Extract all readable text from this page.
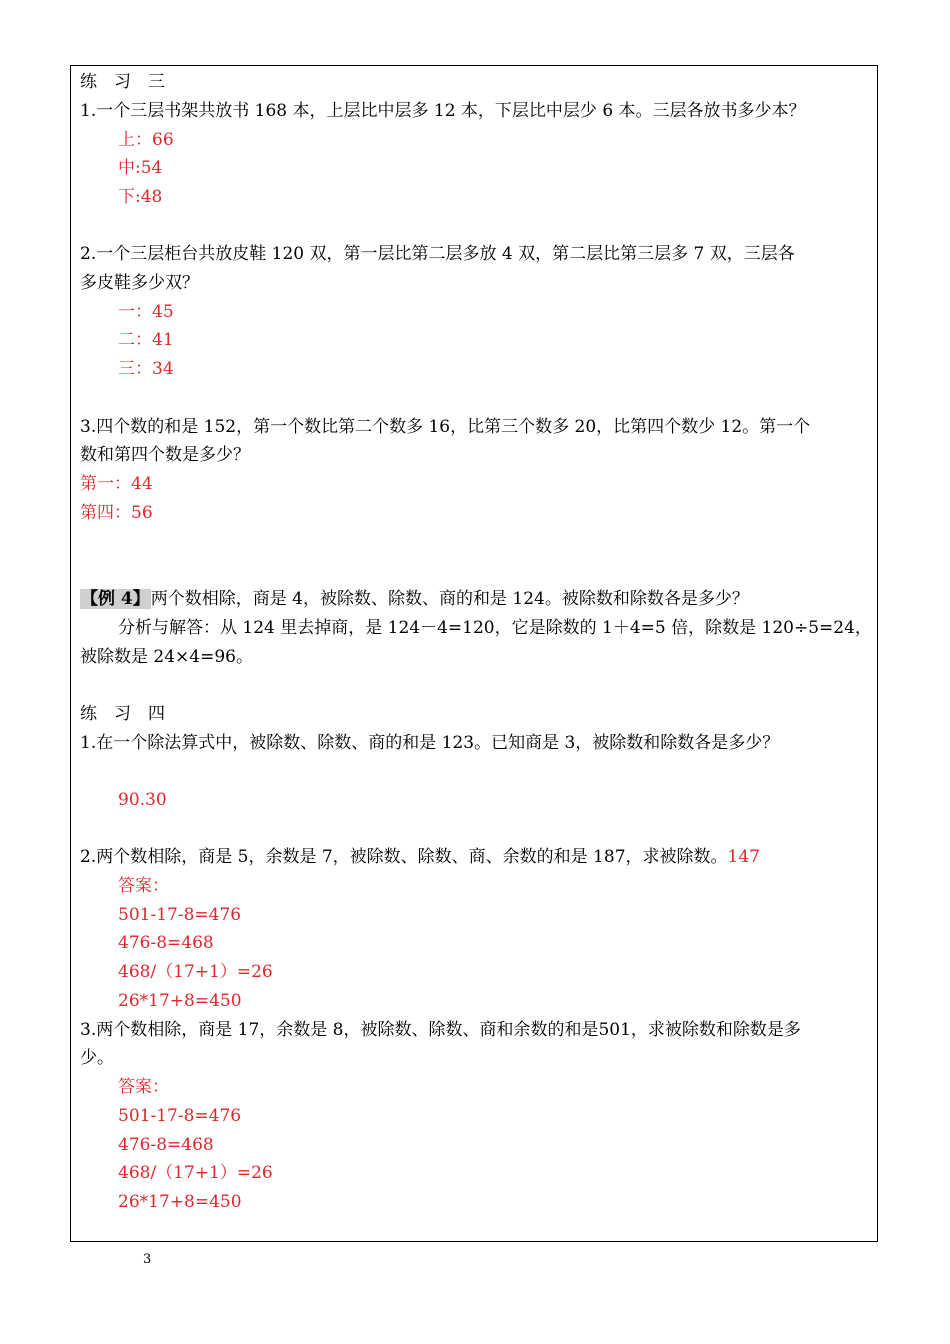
练　习　三
1.一个三层书架共放书 168 本，上层比中层多 12 本，下层比中层少 6 本。三层各放书多少本？
上：66
中:54
下:48
2.一个三层柜台共放皮鞋 120 双，第一层比第二层多放 4 双，第二层比第三层多 7 双，三层各
多皮鞋多少双？
一：45
二：41
三：34
3.四个数的和是 152，第一个数比第二个数多 16，比第三个数多 20，比第四个数少 12。第一个
数和第四个数是多少？
第一：44
第四：56
【例 4】两个数相除，商是 4，被除数、除数、商的和是 124。被除数和除数各是多少？
分析与解答：从 124 里去掉商，是 124－4=120，它是除数的 1＋4=5 倍，除数是 120÷5=24，
被除数是 24×4=96。
练　习　四
1.在一个除法算式中，被除数、除数、商的和是 123。已知商是 3，被除数和除数各是多少？
90.30
2.两个数相除，商是 5，余数是 7，被除数、除数、商、余数的和是 187，求被除数。147
答案：
501-17-8=476
476-8=468
468/（17+1）=26
26*17+8=450
3.两个数相除，商是 17，余数是 8，被除数、除数、商和余数的和是501，求被除数和除数是多
少。
答案：
501-17-8=476
476-8=468
468/（17+1）=26
26*17+8=450
3
